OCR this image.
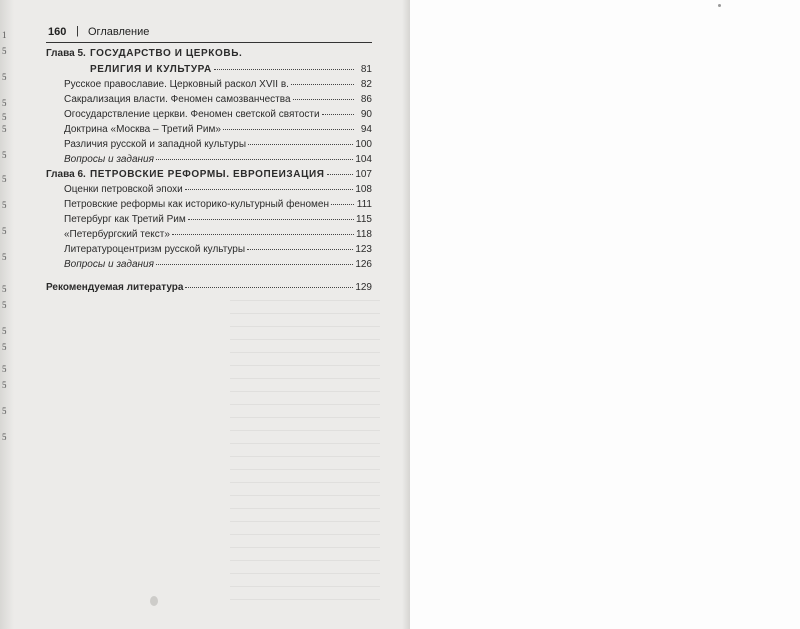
1
5
5
5
5
5
5
5
5
5
5
5
5
5
5
5
5
5
5
160 | Оглавление
Глава 5. ГОСУДАРСТВО И ЦЕРКОВЬ.
РЕЛИГИЯ И КУЛЬТУРА	81
Русское православие. Церковный раскол XVII в.	82
Сакрализация власти. Феномен самозванчества	86
Огосударствление церкви. Феномен светской святости	90
Доктрина «Москва – Третий Рим»	94
Различия русской и западной культуры	100
Вопросы и задания	104
Глава 6. ПЕТРОВСКИЕ РЕФОРМЫ. ЕВРОПЕИЗАЦИЯ	107
Оценки петровской эпохи	108
Петровские реформы как историко-культурный феномен	111
Петербург как Третий Рим	115
«Петербургский текст»	118
Литературоцентризм русской культуры	123
Вопросы и задания	126
Рекомендуемая литература	129
